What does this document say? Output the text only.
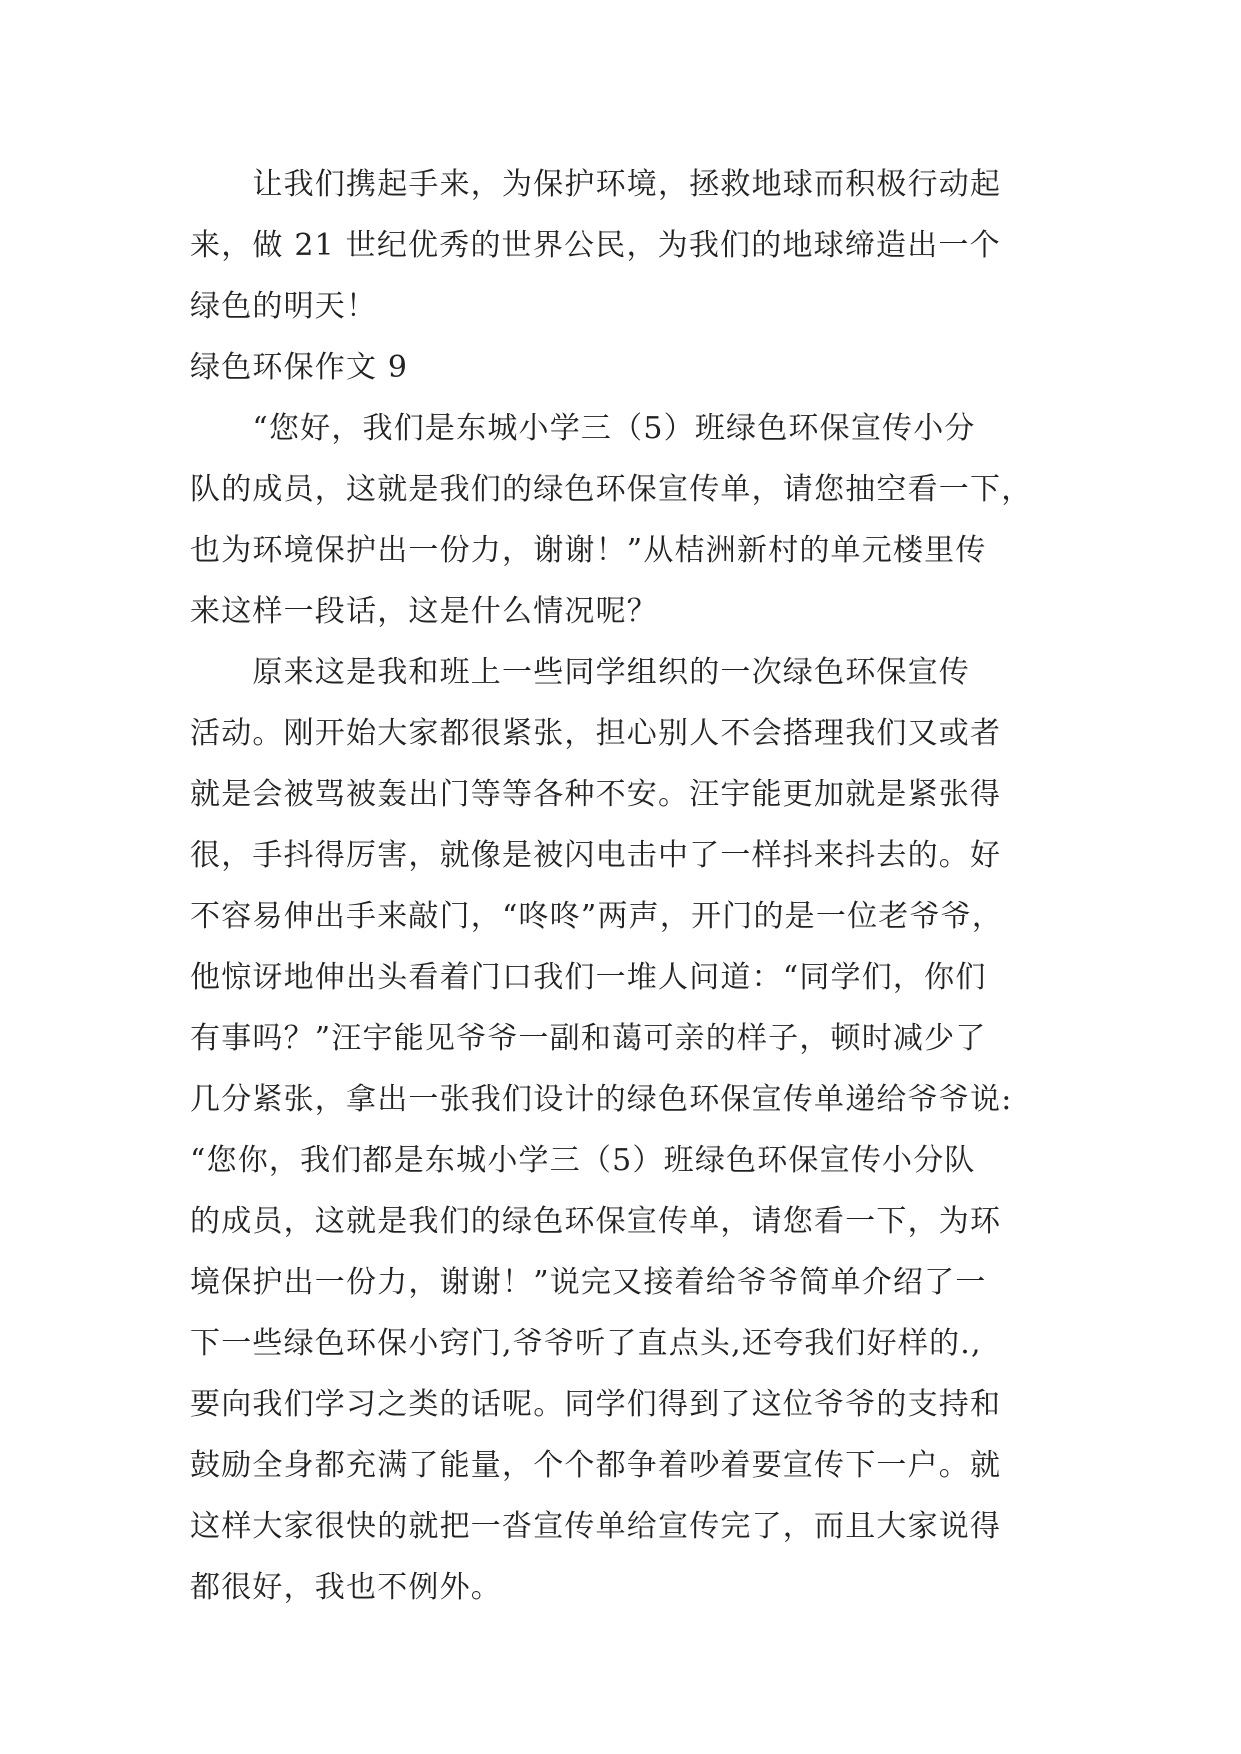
　　让我们携起手来，为保护环境，拯救地球而积极行动起
来，做 21 世纪优秀的世界公民，为我们的地球缔造出一个
绿色的明天！
绿色环保作文 9
　　“您好，我们是东城小学三（5）班绿色环保宣传小分
队的成员，这就是我们的绿色环保宣传单，请您抽空看一下，
也为环境保护出一份力，谢谢！”从桔洲新村的单元楼里传
来这样一段话，这是什么情况呢？
　　原来这是我和班上一些同学组织的一次绿色环保宣传
活动。刚开始大家都很紧张，担心别人不会搭理我们又或者
就是会被骂被轰出门等等各种不安。汪宇能更加就是紧张得
很，手抖得厉害，就像是被闪电击中了一样抖来抖去的。好
不容易伸出手来敲门，“咚咚”两声，开门的是一位老爷爷，
他惊讶地伸出头看着门口我们一堆人问道：“同学们，你们
有事吗？”汪宇能见爷爷一副和蔼可亲的样子，顿时减少了
几分紧张，拿出一张我们设计的绿色环保宣传单递给爷爷说:
“您你，我们都是东城小学三（5）班绿色环保宣传小分队
的成员，这就是我们的绿色环保宣传单，请您看一下，为环
境保护出一份力，谢谢！”说完又接着给爷爷简单介绍了一
下一些绿色环保小窍门,爷爷听了直点头,还夸我们好样的.,
要向我们学习之类的话呢。同学们得到了这位爷爷的支持和
鼓励全身都充满了能量，个个都争着吵着要宣传下一户。就
这样大家很快的就把一沓宣传单给宣传完了，而且大家说得
都很好，我也不例外。
